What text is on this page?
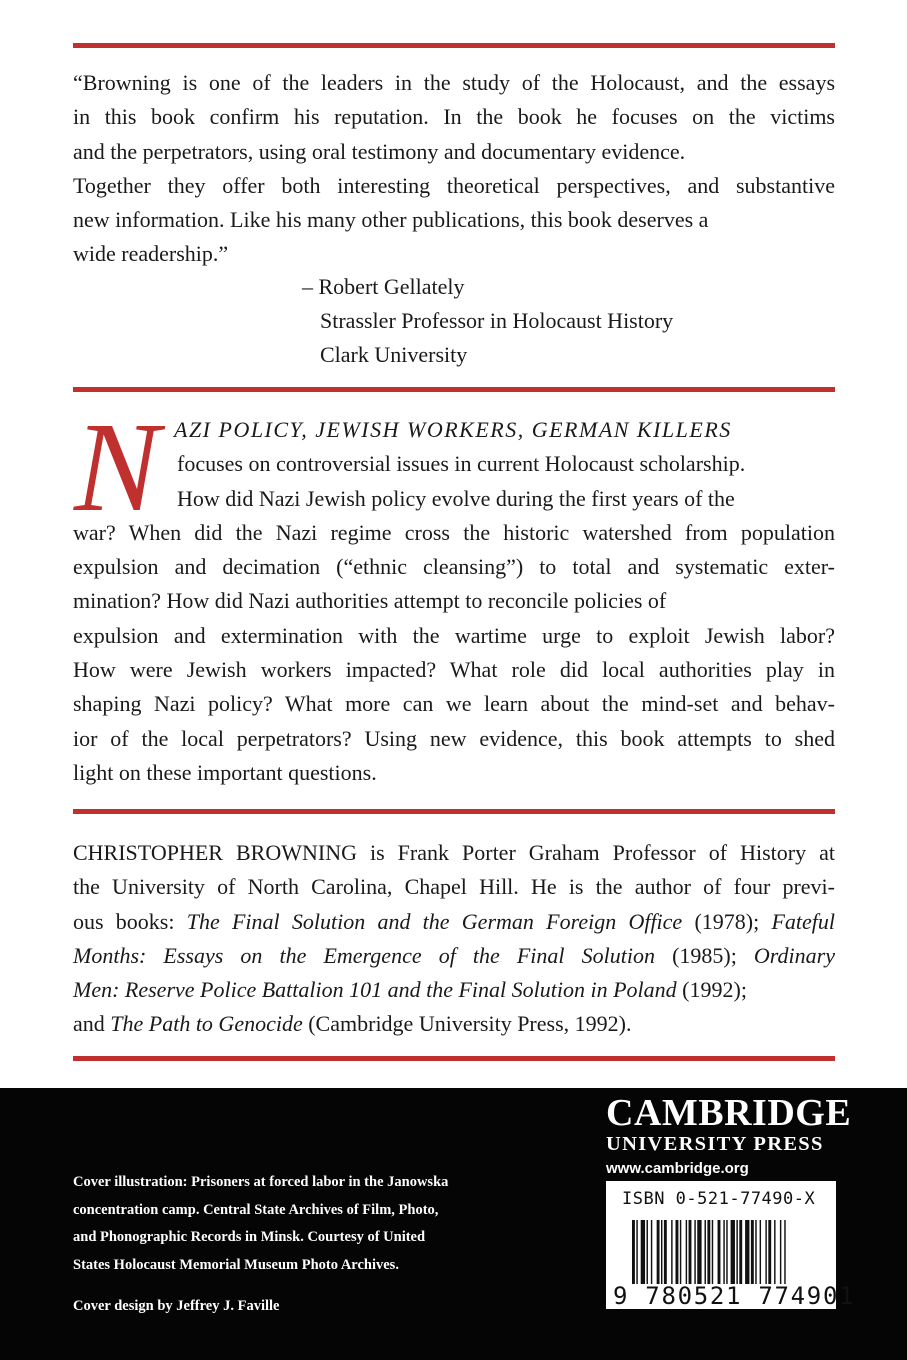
“Browning is one of the leaders in the study of the Holocaust, and the essays
in this book confirm his reputation. In the book he focuses on the victims
and the perpetrators, using oral testimony and documentary evidence.
Together they offer both interesting theoretical perspectives, and substantive
new information. Like his many other publications, this book deserves a
wide readership.”
– Robert Gellately
Strassler Professor in Holocaust History
Clark University
N AZI POLICY, JEWISH WORKERS, GERMAN KILLERS
focuses on controversial issues in current Holocaust scholarship.
How did Nazi Jewish policy evolve during the first years of the
war? When did the Nazi regime cross the historic watershed from population
expulsion and decimation (“ethnic cleansing”) to total and systematic exter-
mination? How did Nazi authorities attempt to reconcile policies of
expulsion and extermination with the wartime urge to exploit Jewish labor?
How were Jewish workers impacted? What role did local authorities play in
shaping Nazi policy? What more can we learn about the mind-set and behav-
ior of the local perpetrators? Using new evidence, this book attempts to shed
light on these important questions.
CHRISTOPHER BROWNING is Frank Porter Graham Professor of History at
the University of North Carolina, Chapel Hill. He is the author of four previ-
ous books: The Final Solution and the German Foreign Office (1978); Fateful
Months: Essays on the Emergence of the Final Solution (1985); Ordinary
Men: Reserve Police Battalion 101 and the Final Solution in Poland (1992);
and The Path to Genocide (Cambridge University Press, 1992).
Cover illustration: Prisoners at forced labor in the Janowska
concentration camp. Central State Archives of Film, Photo,
and Phonographic Records in Minsk. Courtesy of United
States Holocaust Memorial Museum Photo Archives.
Cover design by Jeffrey J. Faville
CAMBRIDGE
UNIVERSITY PRESS
www.cambridge.org
ISBN 0-521-77490-X
9 780521 774901
